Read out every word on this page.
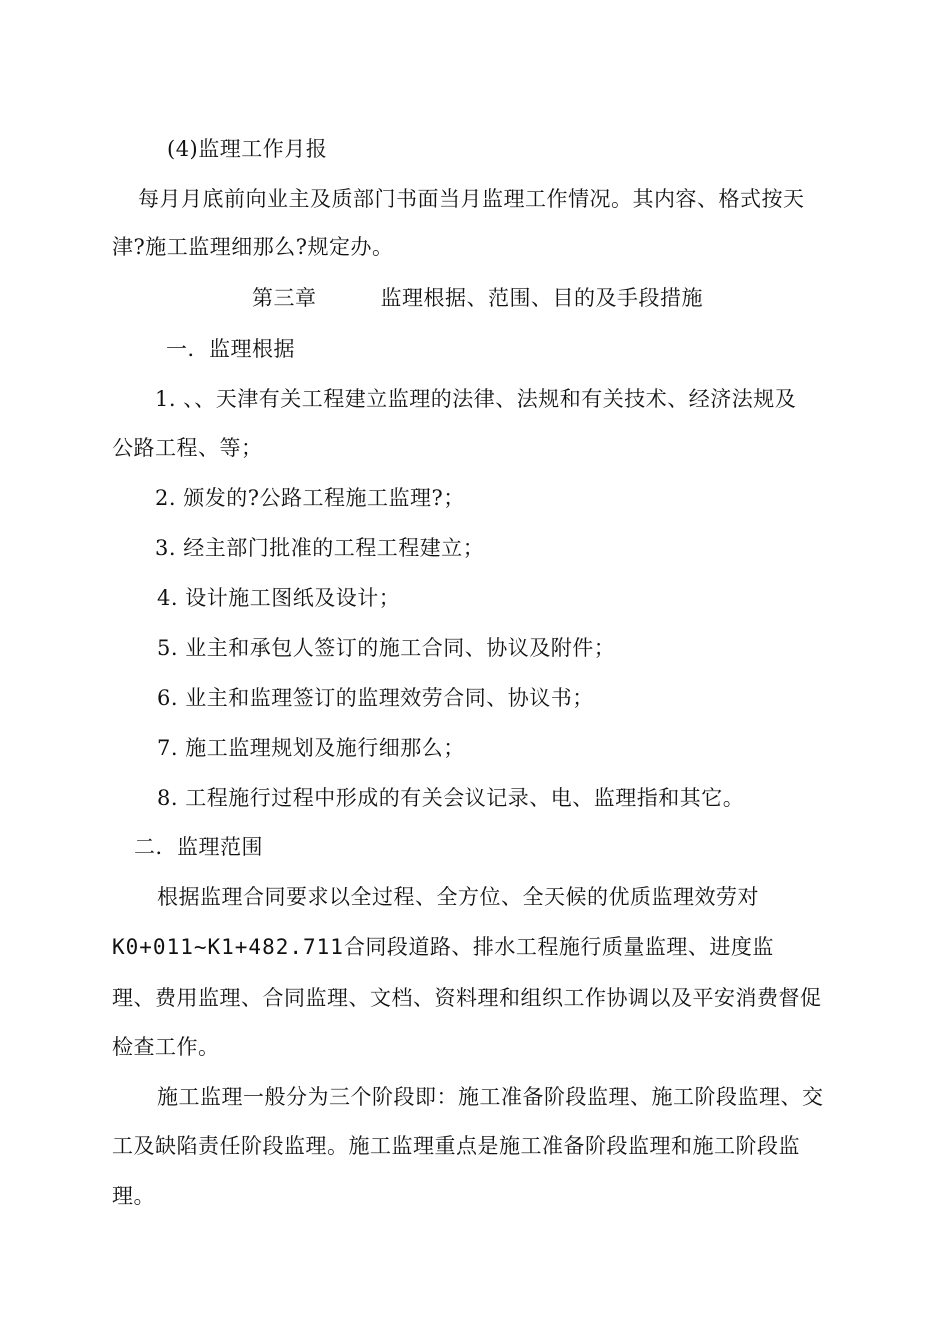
(4)监理工作月报
每月月底前向业主及质部门书面当月监理工作情况。其内容、格式按天
津?施工监理细那么?规定办。
第三章	监理根据、范围、目的及手段措施
一．监理根据
1. 、、天津有关工程建立监理的法律、法规和有关技术、经济法规及
公路工程、等；
2. 颁发的?公路工程施工监理?；
3. 经主部门批准的工程工程建立；
4. 设计施工图纸及设计；
5. 业主和承包人签订的施工合同、协议及附件；
6. 业主和监理签订的监理效劳合同、协议书；
7. 施工监理规划及施行细那么；
8. 工程施行过程中形成的有关会议记录、电、监理指和其它。
二．监理范围
根据监理合同要求以全过程、全方位、全天候的优质监理效劳对
K0+011~K1+482.711合同段道路、排水工程施行质量监理、进度监
理、费用监理、合同监理、文档、资料理和组织工作协调以及平安消费督促
检查工作。
施工监理一般分为三个阶段即：施工准备阶段监理、施工阶段监理、交
工及缺陷责任阶段监理。施工监理重点是施工准备阶段监理和施工阶段监
理。
